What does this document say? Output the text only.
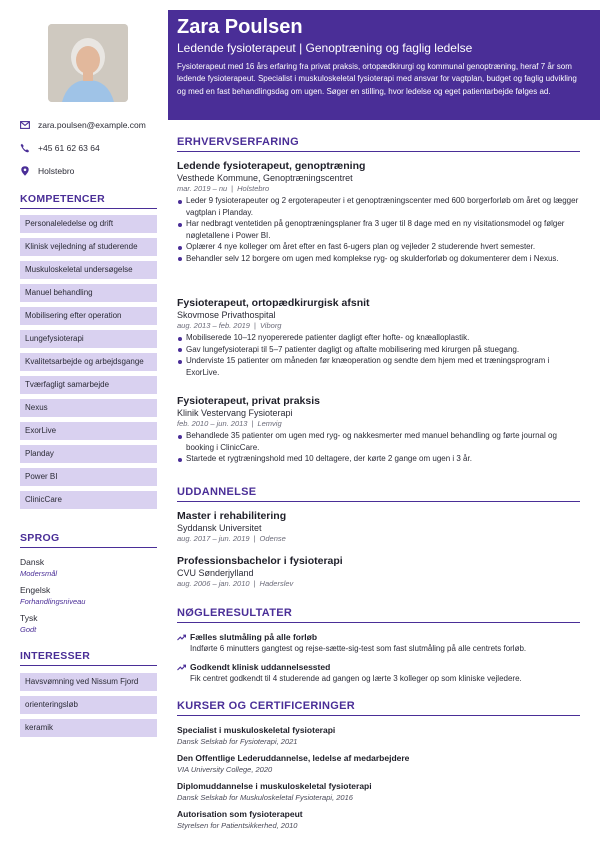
zara.poulsen@example.com
+45 61 62 63 64
Holstebro
KOMPETENCER
Personaleledelse og drift
Klinisk vejledning af studerende
Muskuloskeletal undersøgelse
Manuel behandling
Mobilisering efter operation
Lungefysioterapi
Kvalitetsarbejde og arbejdsgange
Tværfagligt samarbejde
Nexus
ExorLive
Planday
Power BI
ClinicCare
SPROG
Dansk
Modersmål
Engelsk
Forhandlingsniveau
Tysk
Godt
INTERESSER
Havsvømning ved Nissum Fjord
orienteringsløb
keramik
Zara Poulsen
Ledende fysioterapeut | Genoptræning og faglig ledelse
Fysioterapeut med 16 års erfaring fra privat praksis, ortopædkirurgi og kommunal genoptræning, heraf 7 år som ledende fysioterapeut. Specialist i muskuloskeletal fysioterapi med ansvar for vagtplan, budget og faglig udvikling og med en fast behandlingsdag om ugen. Søger en stilling, hvor ledelse og eget patientarbejde følges ad.
ERHVERVSERFARING
Ledende fysioterapeut, genoptræning
Vesthede Kommune, Genoptræningscentret
mar. 2019 – nu | Holstebro
Leder 9 fysioterapeuter og 2 ergoterapeuter i et genoptræningscenter med 600 borgerforløb om året og lægger vagtplan i Planday.
Har nedbragt ventetiden på genoptræningsplaner fra 3 uger til 8 dage med en ny visitationsmodel og følger nøgletallene i Power BI.
Oplærer 4 nye kolleger om året efter en fast 6-ugers plan og vejleder 2 studerende hvert semester.
Behandler selv 12 borgere om ugen med komplekse ryg- og skulderforløb og dokumenterer dem i Nexus.
Fysioterapeut, ortopædkirurgisk afsnit
Skovmose Privathospital
aug. 2013 – feb. 2019 | Viborg
Mobiliserede 10–12 nyopererede patienter dagligt efter hofte- og knæalloplastik.
Gav lungefysioterapi til 5–7 patienter dagligt og aftalte mobilisering med kirurgen på stuegang.
Underviste 15 patienter om måneden før knæoperation og sendte dem hjem med et træningsprogram i ExorLive.
Fysioterapeut, privat praksis
Klinik Vestervang Fysioterapi
feb. 2010 – jun. 2013 | Lemvig
Behandlede 35 patienter om ugen med ryg- og nakkesmerter med manuel behandling og førte journal og booking i ClinicCare.
Startede et rygtræningshold med 10 deltagere, der kørte 2 gange om ugen i 3 år.
UDDANNELSE
Master i rehabilitering
Syddansk Universitet
aug. 2017 – jun. 2019 | Odense
Professionsbachelor i fysioterapi
CVU Sønderjylland
aug. 2006 – jan. 2010 | Haderslev
NØGLERESULTATER
Fælles slutmåling på alle forløb
Indførte 6 minutters gangtest og rejse-sætte-sig-test som fast slutmåling på alle centrets forløb.
Godkendt klinisk uddannelsessted
Fik centret godkendt til 4 studerende ad gangen og lærte 3 kolleger op som kliniske vejledere.
KURSER OG CERTIFICERINGER
Specialist i muskuloskeletal fysioterapi
Dansk Selskab for Fysioterapi, 2021
Den Offentlige Lederuddannelse, ledelse af medarbejdere
VIA University College, 2020
Diplomuddannelse i muskuloskeletal fysioterapi
Dansk Selskab for Muskuloskeletal Fysioterapi, 2016
Autorisation som fysioterapeut
Styrelsen for Patientsikkerhed, 2010
